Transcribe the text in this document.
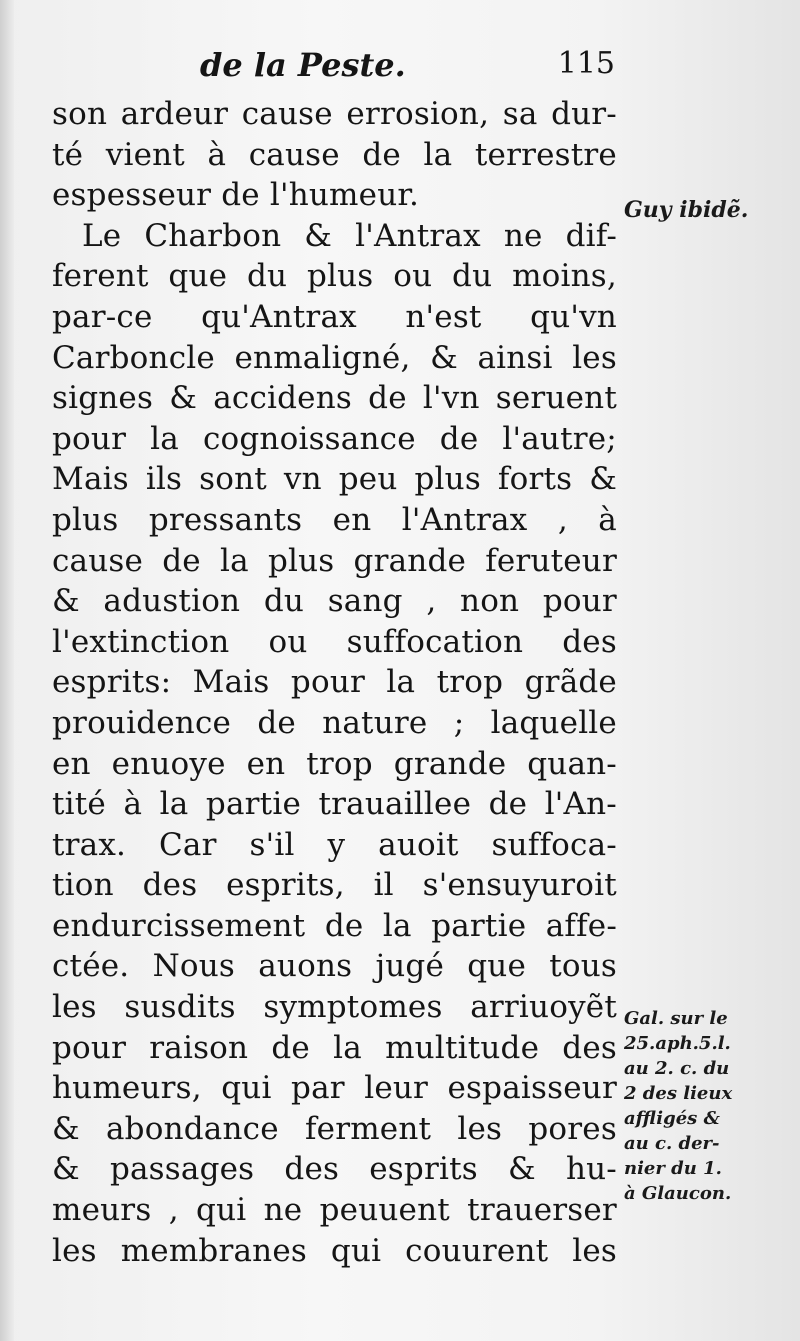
de la Peste.	115
son ardeur cause errosion, sa dur-
té vient à cause de la terrestre
espesseur de l'humeur.
Le Charbon & l'Antrax ne dif-
ferent que du plus ou du moins,
par-ce qu'Antrax n'est qu'vn
Carboncle enmaligné, & ainsi les
signes & accidens de l'vn seruent
pour la cognoissance de l'autre;
Mais ils sont vn peu plus forts &
plus pressants en l'Antrax , à
cause de la plus grande feruteur
& adustion du sang , non pour
l'extinction ou suffocation des
esprits: Mais pour la trop grãde
prouidence de nature ; laquelle
en enuoye en trop grande quan-
tité à la partie trauaillee de l'An-
trax. Car s'il y auoit suffoca-
tion des esprits, il s'ensuyuroit
endurcissement de la partie affe-
ctée. Nous auons jugé que tous
les susdits symptomes arriuoyẽt
pour raison de la multitude des
humeurs, qui par leur espaisseur
& abondance ferment les pores
& passages des esprits & hu-
meurs , qui ne peuuent trauerser
les membranes qui couurent les
Guy ibidẽ.
Gal. sur le
25.aph.5.l.
au 2. c. du
2 des lieux
affligés &
au c. der-
nier du 1.
à Glaucon.
